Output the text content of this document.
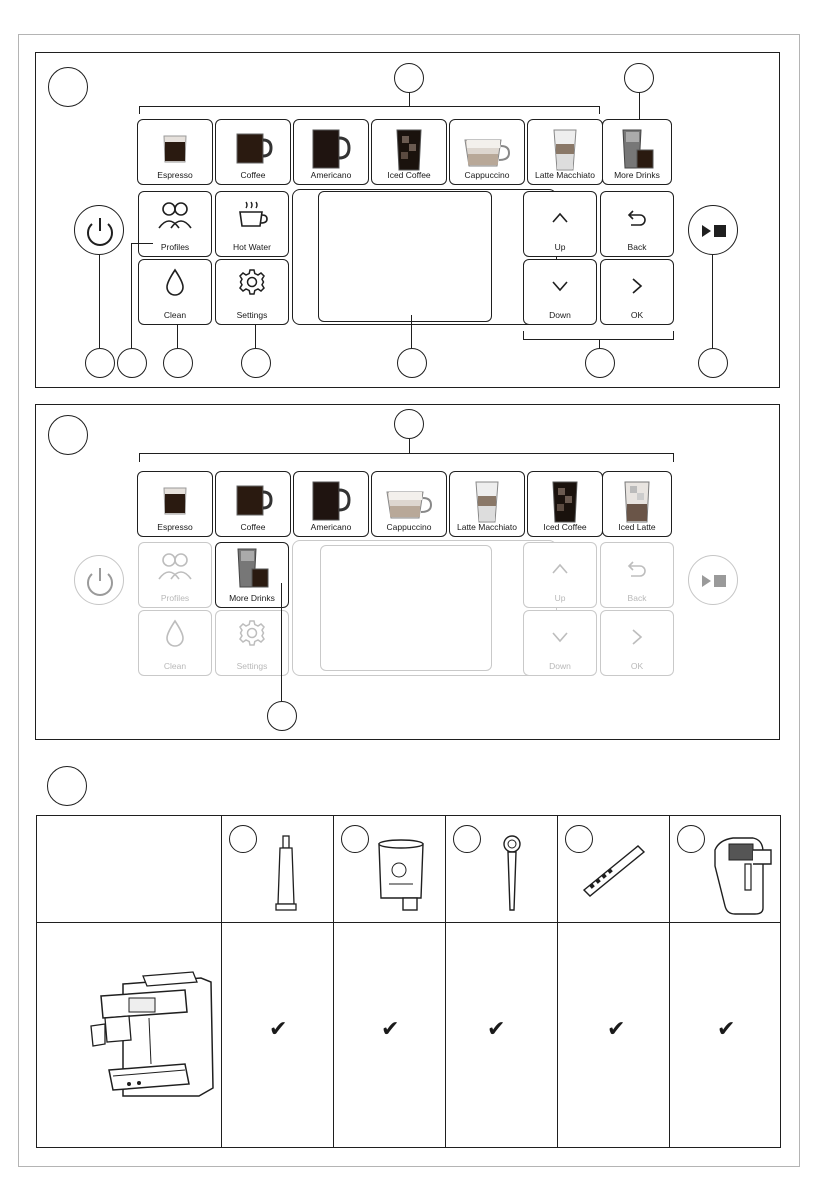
Espresso	Coffee	Americano	Iced Coffee	Cappuccino	Latte Macchiato	More Drinks
Profiles	Hot Water
Clean	Settings
Up	Back
Down	OK
Espresso	Coffee	Americano	Cappuccino	Latte Macchiato	Iced Coffee	Iced Latte
Profiles	More Drinks
Clean	Settings
Up	Back
Down	OK
✔	✔	✔	✔	✔
